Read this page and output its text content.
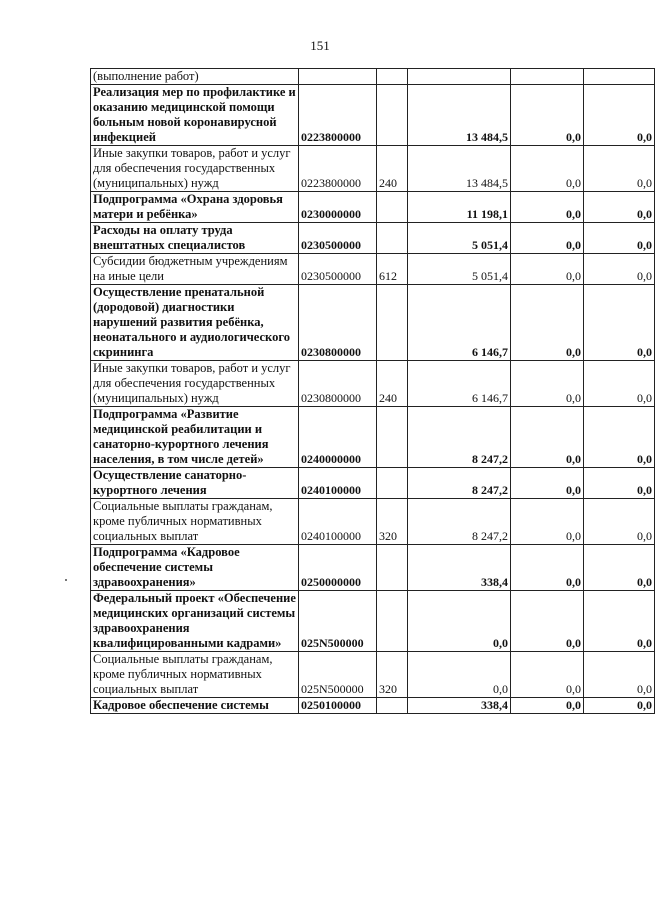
151
(выполнение работ)					
Реализация мер по профилактике и оказанию медицинской помощи больным новой коронавирусной инфекцией	0223800000		13 484,5	0,0	0,0
Иные закупки товаров, работ и услуг для обеспечения государственных (муниципальных) нужд	0223800000	240	13 484,5	0,0	0,0
Подпрограмма «Охрана здоровья матери и ребёнка»	0230000000		11 198,1	0,0	0,0
Расходы на оплату труда внештатных специалистов	0230500000		5 051,4	0,0	0,0
Субсидии бюджетным учреждениям на иные цели	0230500000	612	5 051,4	0,0	0,0
Осуществление пренатальной (дородовой) диагностики нарушений развития ребёнка, неонатального и аудиологического скрининга	0230800000		6 146,7	0,0	0,0
Иные закупки товаров, работ и услуг для обеспечения государственных (муниципальных) нужд	0230800000	240	6 146,7	0,0	0,0
Подпрограмма «Развитие медицинской реабилитации и санаторно-курортного лечения населения, в том числе детей»	0240000000		8 247,2	0,0	0,0
Осуществление санаторно-курортного лечения	0240100000		8 247,2	0,0	0,0
Социальные выплаты гражданам, кроме публичных нормативных социальных выплат	0240100000	320	8 247,2	0,0	0,0
Подпрограмма «Кадровое обеспечение системы здравоохранения»	0250000000		338,4	0,0	0,0
Федеральный проект «Обеспечение медицинских организаций системы здравоохранения квалифицированными кадрами»	025N500000		0,0	0,0	0,0
Социальные выплаты гражданам, кроме публичных нормативных социальных выплат	025N500000	320	0,0	0,0	0,0
Кадровое обеспечение системы	0250100000		338,4	0,0	0,0
